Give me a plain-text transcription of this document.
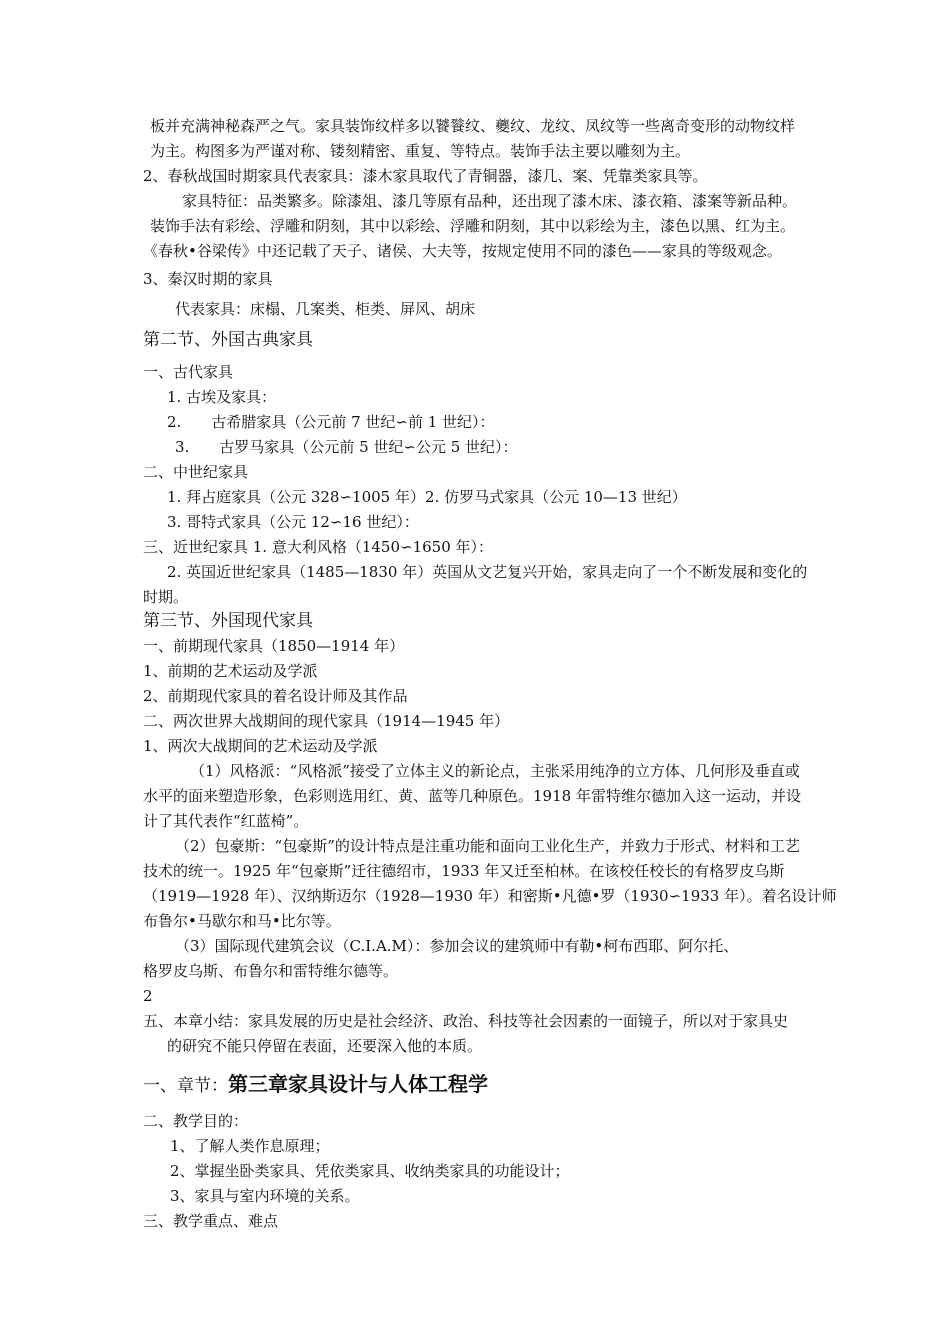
板并充满神秘森严之气。家具装饰纹样多以饕餮纹、夔纹、龙纹、凤纹等一些离奇变形的动物纹样
为主。构图多为严谨对称、镂刻精密、重复、等特点。装饰手法主要以雕刻为主。
2、春秋战国时期家具代表家具：漆木家具取代了青铜器，漆几、案、凭靠类家具等。
家具特征：品类繁多。除漆俎、漆几等原有品种，还出现了漆木床、漆衣箱、漆案等新品种。
装饰手法有彩绘、浮雕和阴刻，其中以彩绘、浮雕和阴刻，其中以彩绘为主，漆色以黑、红为主。
《春秋•谷梁传》中还记载了天子、诸侯、大夫等，按规定使用不同的漆色——家具的等级观念。
3、秦汉时期的家具
代表家具：床榻、几案类、柜类、屏风、胡床
第二节、外国古典家具
一、古代家具
1. 古埃及家具：
2.　　古希腊家具（公元前 7 世纪∽前 1 世纪）：
3.　　古罗马家具（公元前 5 世纪∽公元 5 世纪）：
二、中世纪家具
1. 拜占庭家具（公元 328∽1005 年）2. 仿罗马式家具（公元 10—13 世纪）
3. 哥特式家具（公元 12∽16 世纪）：
三、近世纪家具 1. 意大利风格（1450∽1650 年）：
2. 英国近世纪家具（1485—1830 年）英国从文艺复兴开始，家具走向了一个不断发展和变化的
时期。
第三节、外国现代家具
一、前期现代家具（1850—1914 年）
1、前期的艺术运动及学派
2、前期现代家具的着名设计师及其作品
二、两次世界大战期间的现代家具（1914—1945 年）
1、两次大战期间的艺术运动及学派
（1）风格派：“风格派”接受了立体主义的新论点，主张采用纯净的立方体、几何形及垂直或
水平的面来塑造形象，色彩则选用红、黄、蓝等几种原色。1918 年雷特维尔德加入这一运动，并设
计了其代表作“红蓝椅”。
（2）包豪斯：“包豪斯”的设计特点是注重功能和面向工业化生产，并致力于形式、材料和工艺
技术的统一。1925 年“包豪斯”迁往德绍市，1933 年又迁至柏林。在该校任校长的有格罗皮乌斯
（1919—1928 年）、汉纳斯迈尔（1928—1930 年）和密斯•凡德•罗（1930∽1933 年）。着名设计师
布鲁尔•马歇尔和马•比尔等。
（3）国际现代建筑会议（C.I.A.M）：参加会议的建筑师中有勒•柯布西耶、阿尔托、
格罗皮乌斯、布鲁尔和雷特维尔德等。
2
五、本章小结：家具发展的历史是社会经济、政治、科技等社会因素的一面镜子，所以对于家具史
的研究不能只停留在表面，还要深入他的本质。
一、章节：第三章家具设计与人体工程学
二、教学目的：
1、了解人类作息原理；
2、掌握坐卧类家具、凭依类家具、收纳类家具的功能设计；
3、家具与室内环境的关系。
三、教学重点、难点
